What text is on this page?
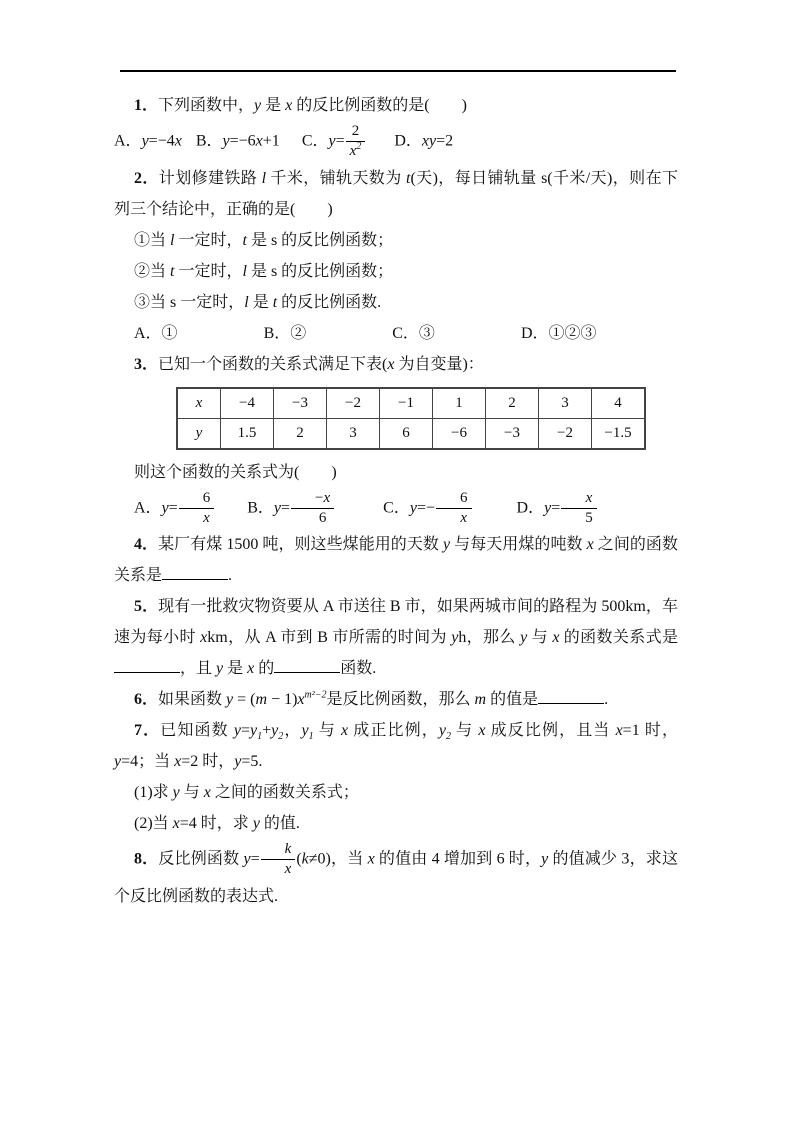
1．下列函数中，y 是 x 的反比例函数的是(　　)

A．y=−4x B．y=−6x+1 C．$y= \frac{2}{x^2}$ D．xy=2

2．计划修建铁路 l 千米，铺轨天数为 t(天)，每日铺轨量 s(千米/天)，则在下列三个结论中，正确的是(　　)

①当 l 一定时，t 是 s 的反比例函数；

②当 t 一定时，l 是 s 的反比例函数；

③当 s 一定时，l 是 t 的反比例函数.

A．①	B．②	C．③	D．①②③

3．已知一个函数的关系式满足下表(x 为自变量)：

x	−4	−3	−2	−1	1	2	3	4
y	1.5	2	3	6	−6	−3	−2	−1.5

则这个函数的关系式为(　　)

A．$y= \frac{6}{x}$ B．$y= \frac{-x}{6}$	C．$y=- \frac{6}{x}$	D．$y= \frac{x}{5}$

4．某厂有煤 1500 吨，则这些煤能用的天数 y 与每天用煤的吨数 x 之间的函数关系是	.

5．现有一批救灾物资要从 A 市送往 B 市，如果两城市间的路程为 500km，车速为每小时 xkm，从 A 市到 B 市所需的时间为 yh，那么 y 与 x 的函数关系式是，且 y 是 x 的	函数.

6．如果函数 $y = (m - 1)x^{m^2-2}$是反比例函数，那么 m 的值是	.

7．已知函数 $y=y_1+y_2$，$y_1$ 与 x 成正比例，$y_2$ 与 x 成反比例，且当 x=1 时，y=4；当 x=2 时，y=5.

(1)求 y 与 x 之间的函数关系式；

(2)当 x=4 时，求 y 的值.

8．反比例函数 $y= \frac{k}{x} (k\ne 0)$，当 x 的值由 4 增加到 6 时，y 的值减少 3，求这个反比例函数的表达式.
